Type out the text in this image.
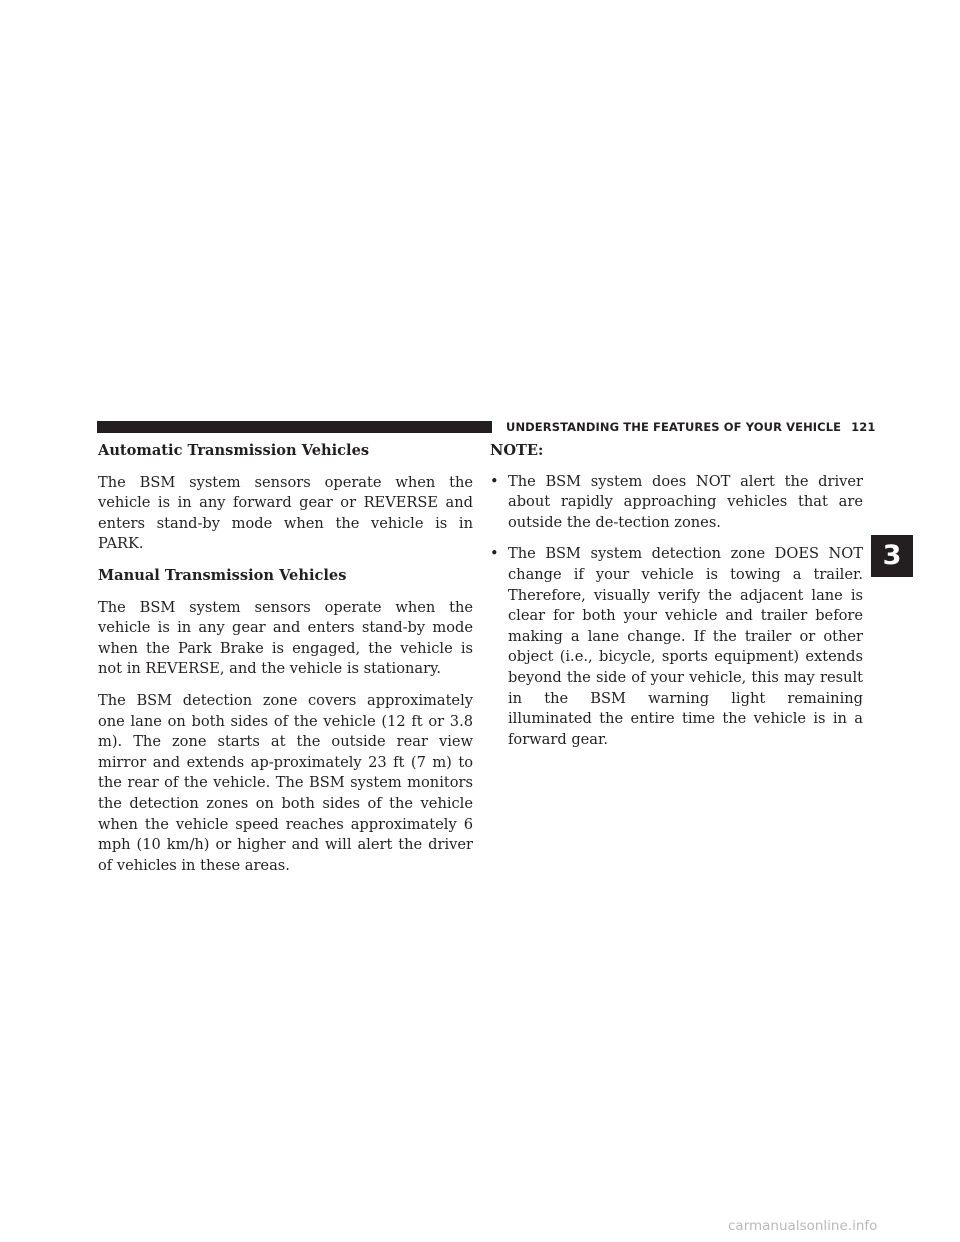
UNDERSTANDING THE FEATURES OF YOUR VEHICLE 121
Automatic Transmission Vehicles

The BSM system sensors operate when the vehicle is in any forward gear or REVERSE and enters stand-by mode when the vehicle is in PARK.

Manual Transmission Vehicles

The BSM system sensors operate when the vehicle is in any gear and enters stand-by mode when the Park Brake is engaged, the vehicle is not in REVERSE, and the vehicle is stationary.

The BSM detection zone covers approximately one lane on both sides of the vehicle (12 ft or 3.8 m). The zone starts at the outside rear view mirror and extends ap-proximately 23 ft (7 m) to the rear of the vehicle. The BSM system monitors the detection zones on both sides of the vehicle when the vehicle speed reaches approximately 6 mph (10 km/h) or higher and will alert the driver of vehicles in these areas.

NOTE:
• The BSM system does NOT alert the driver about rapidly approaching vehicles that are outside the de-tection zones.
• The BSM system detection zone DOES NOT change if your vehicle is towing a trailer. Therefore, visually verify the adjacent lane is clear for both your vehicle and trailer before making a lane change. If the trailer or other object (i.e., bicycle, sports equipment) extends beyond the side of your vehicle, this may result in the BSM warning light remaining illuminated the entire time the vehicle is in a forward gear.
3
carmanualsonline.info
